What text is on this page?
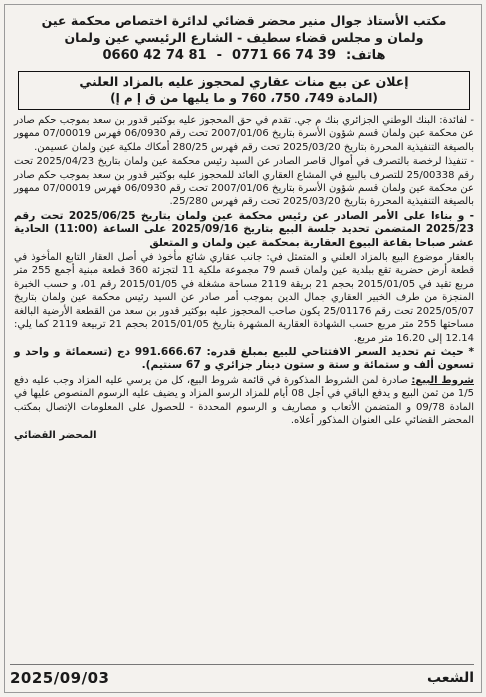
مكتب الأستاذ جوال منير محضر قضائي لدائرة اختصاص محكمة عين
ولمان و مجلس قضاء سطيف - الشارع الرئيسي عين ولمان
هاتف:
0771 66 74 39
-
0660 42 74 81
إعلان عن بيع منات عقاري لمحجوز عليه بالمزاد العلني
(المادة 749، 750، 760 و ما يليها من ق إ م إ)

- لفائدة: البنك الوطني الجزائري بنك م جي. تقدم في حق المحجوز عليه بوكثير قدور بن سعد بموجب حكم صادر عن محكمة عين ولمان قسم شؤون الأسرة بتاريخ 2007/01/06 تحت رقم 06/0930 فهرس 07/00019 ممهور بالصيغة التنفيذية المحررة بتاريخ 2025/03/20 تحت رقم فهرس 280/25 أمكاك ملكية عين ولمان عسيمن.

- تنفيذا لرخصة بالتصرف في أموال قاصر الصادر عن السيد رئيس محكمة عين ولمان بتاريخ 2025/04/23 تحت رقم 25/00338 للتصرف بالبيع في المشاع العقاري العائد للمحجوز عليه بوكثير قدور بن سعد بموجب حكم صادر عن محكمة عين ولمان قسم شؤون الأسرة بتاريخ 2007/01/06 تحت رقم 06/0930 فهرس 07/00019 ممهور بالصيغة التنفيذية المحررة بتاريخ 2025/03/20 تحت رقم فهرس 25/280.

- و بناءا على الأمر الصادر عن رئيس محكمة عين ولمان بتاريخ 2025/06/25 تحت رقم 2025/23 المتضمن تحديد جلسة البيع بتاريخ 2025/09/16 على الساعة (11:00) الحادية عشر صباحا بقاعة البيوع العقارية بمحكمة عين ولمان و المتعلق

بالعقار موضوع البيع بالمزاد العلني و المتمثل في: جانب عقاري شائع مأخوذ في أصل العقار التابع المأخوذ في قطعة أرض حضرية تقع ببلدية عين ولمان قسم 79 مجموعة ملكية 11 لتجزئة 360 قطعة مبنية أجمع 255 متر مربع تقيد في 2015/01/05 بحجم 21 بريقة 2119 مساحة مشغلة في 2015/01/05 رقم 01، و حسب الخبرة المنجزة من طرف الخبير العقاري جمال الدين بموجب أمر صادر عن السيد رئيس محكمة عين ولمان بتاريخ 2025/05/07 تحت رقم 25/01176 يكون صاحب المحجوز عليه بوكثير قدور بن سعد من القطعة الأرضية البالغة مساحتها 255 متر مربع حسب الشهادة العقارية المشهرة بتاريخ 2015/01/05 بحجم 21 تربيعة 2119 كما يلي: 12.14 إلى 16.20 متر مربع.

* حيث تم تحديد السعر الافتتاحي للبيع بمبلغ قدره: 991.666.67 دج (تسعمائة و واحد و تسعون ألف و ستمائة و ستة و ستون دينار جزائري و 67 سنتيم).

شروط البيع: صادرة لمن الشروط المذكورة في قائمة شروط البيع، كل من يرسي عليه المزاد وجب عليه دفع 1/5 من ثمن البيع و يدفع الباقي في أجل 08 أيام للمزاد الرسو المزاد و يضيف عليه الرسوم المنصوص عليها في المادة 09/78 و المتضمن الأتعاب و مصاريف و الرسوم المحددة - للحصول على المعلومات الإتصال بمكتب المحضر القضائي على العنوان المذكور أعلاه.

المحضر القضائي
الشعب
2025/09/03
